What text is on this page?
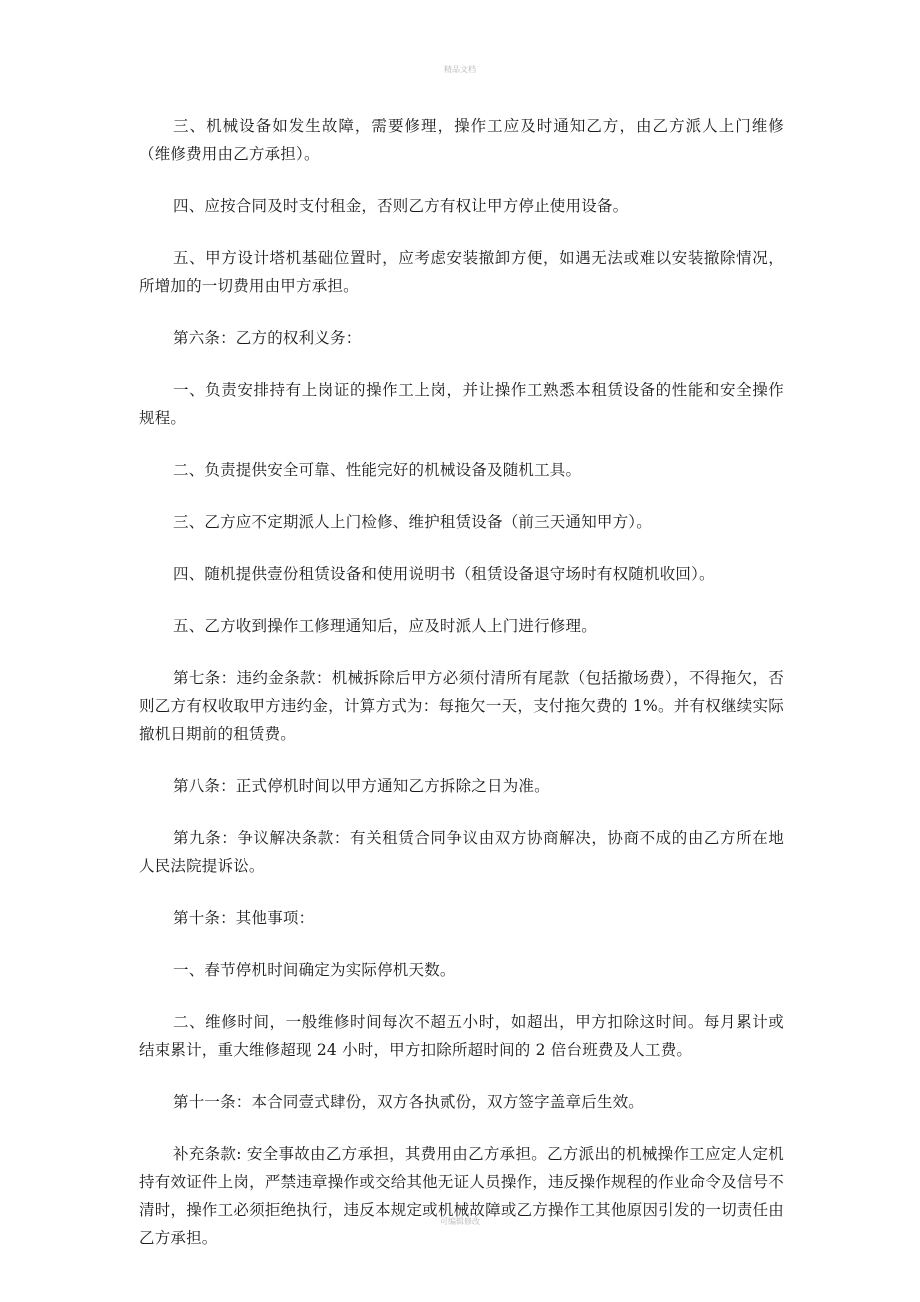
精品文档

三、机械设备如发生故障，需要修理，操作工应及时通知乙方，由乙方派人上门维修（维修费用由乙方承担）。

四、应按合同及时支付租金，否则乙方有权让甲方停止使用设备。

五、甲方设计塔机基础位置时，应考虑安装撤卸方便，如遇无法或难以安装撤除情况，所增加的一切费用由甲方承担。

第六条：乙方的权利义务：

一、负责安排持有上岗证的操作工上岗，并让操作工熟悉本租赁设备的性能和安全操作规程。

二、负责提供安全可靠、性能完好的机械设备及随机工具。

三、乙方应不定期派人上门检修、维护租赁设备（前三天通知甲方）。

四、随机提供壹份租赁设备和使用说明书（租赁设备退守场时有权随机收回）。

五、乙方收到操作工修理通知后，应及时派人上门进行修理。

第七条：违约金条款：机械拆除后甲方必须付清所有尾款（包括撤场费），不得拖欠，否则乙方有权收取甲方违约金，计算方式为：每拖欠一天，支付拖欠费的 1%。并有权继续实际撤机日期前的租赁费。

第八条：正式停机时间以甲方通知乙方拆除之日为准。

第九条：争议解决条款：有关租赁合同争议由双方协商解决，协商不成的由乙方所在地人民法院提诉讼。

第十条：其他事项：

一、春节停机时间确定为实际停机天数。

二、维修时间，一般维修时间每次不超五小时，如超出，甲方扣除这时间。每月累计或结束累计，重大维修超现 24 小时，甲方扣除所超时间的 2 倍台班费及人工费。

第十一条：本合同壹式肆份，双方各执贰份，双方签字盖章后生效。

补充条款: 安全事故由乙方承担，其费用由乙方承担。乙方派出的机械操作工应定人定机持有效证件上岗，严禁违章操作或交给其他无证人员操作，违反操作规程的作业命令及信号不清时，操作工必须拒绝执行，违反本规定或机械故障或乙方操作工其他原因引发的一切责任由乙方承担。

可编辑修改
